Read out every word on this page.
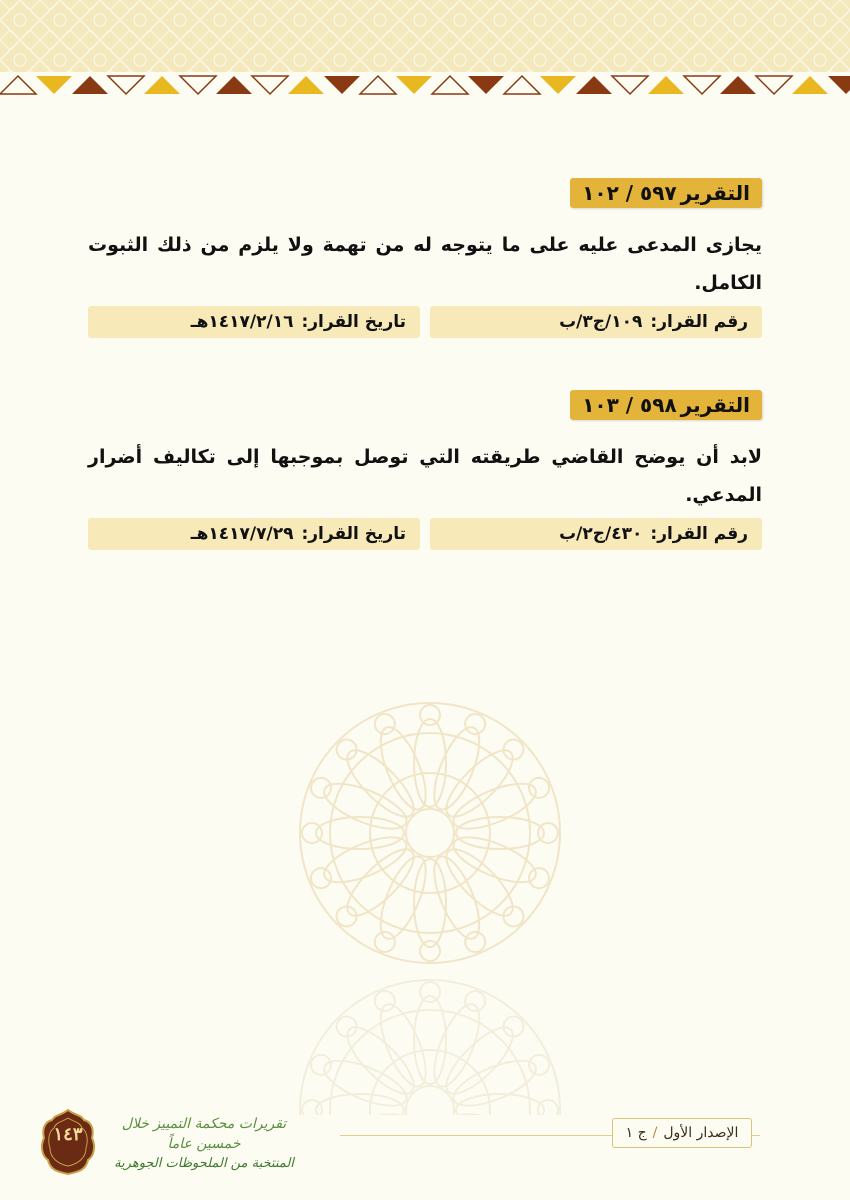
التقرير
٥٩٧ / ١٠٢
يجازى المدعى عليه على ما يتوجه له من تهمة ولا يلزم من ذلك الثبوت الكامل.
رقم القرار:
١٠٩/ج٣/ب
تاريخ القرار:
١٤١٧/٢/١٦هـ
التقرير
٥٩٨ / ١٠٣
لابد أن يوضح القاضي طريقته التي توصل بموجبها إلى تكاليف أضرار المدعي.
رقم القرار:
٤٣٠/ج٢/ب
تاريخ القرار:
١٤١٧/٧/٢٩هـ
الإصدار الأول
/
ج ١
١٤٣	تقريرات محكمة التمييز خلال خمسين عاماً
المنتخبة من الملحوظات الجوهرية
